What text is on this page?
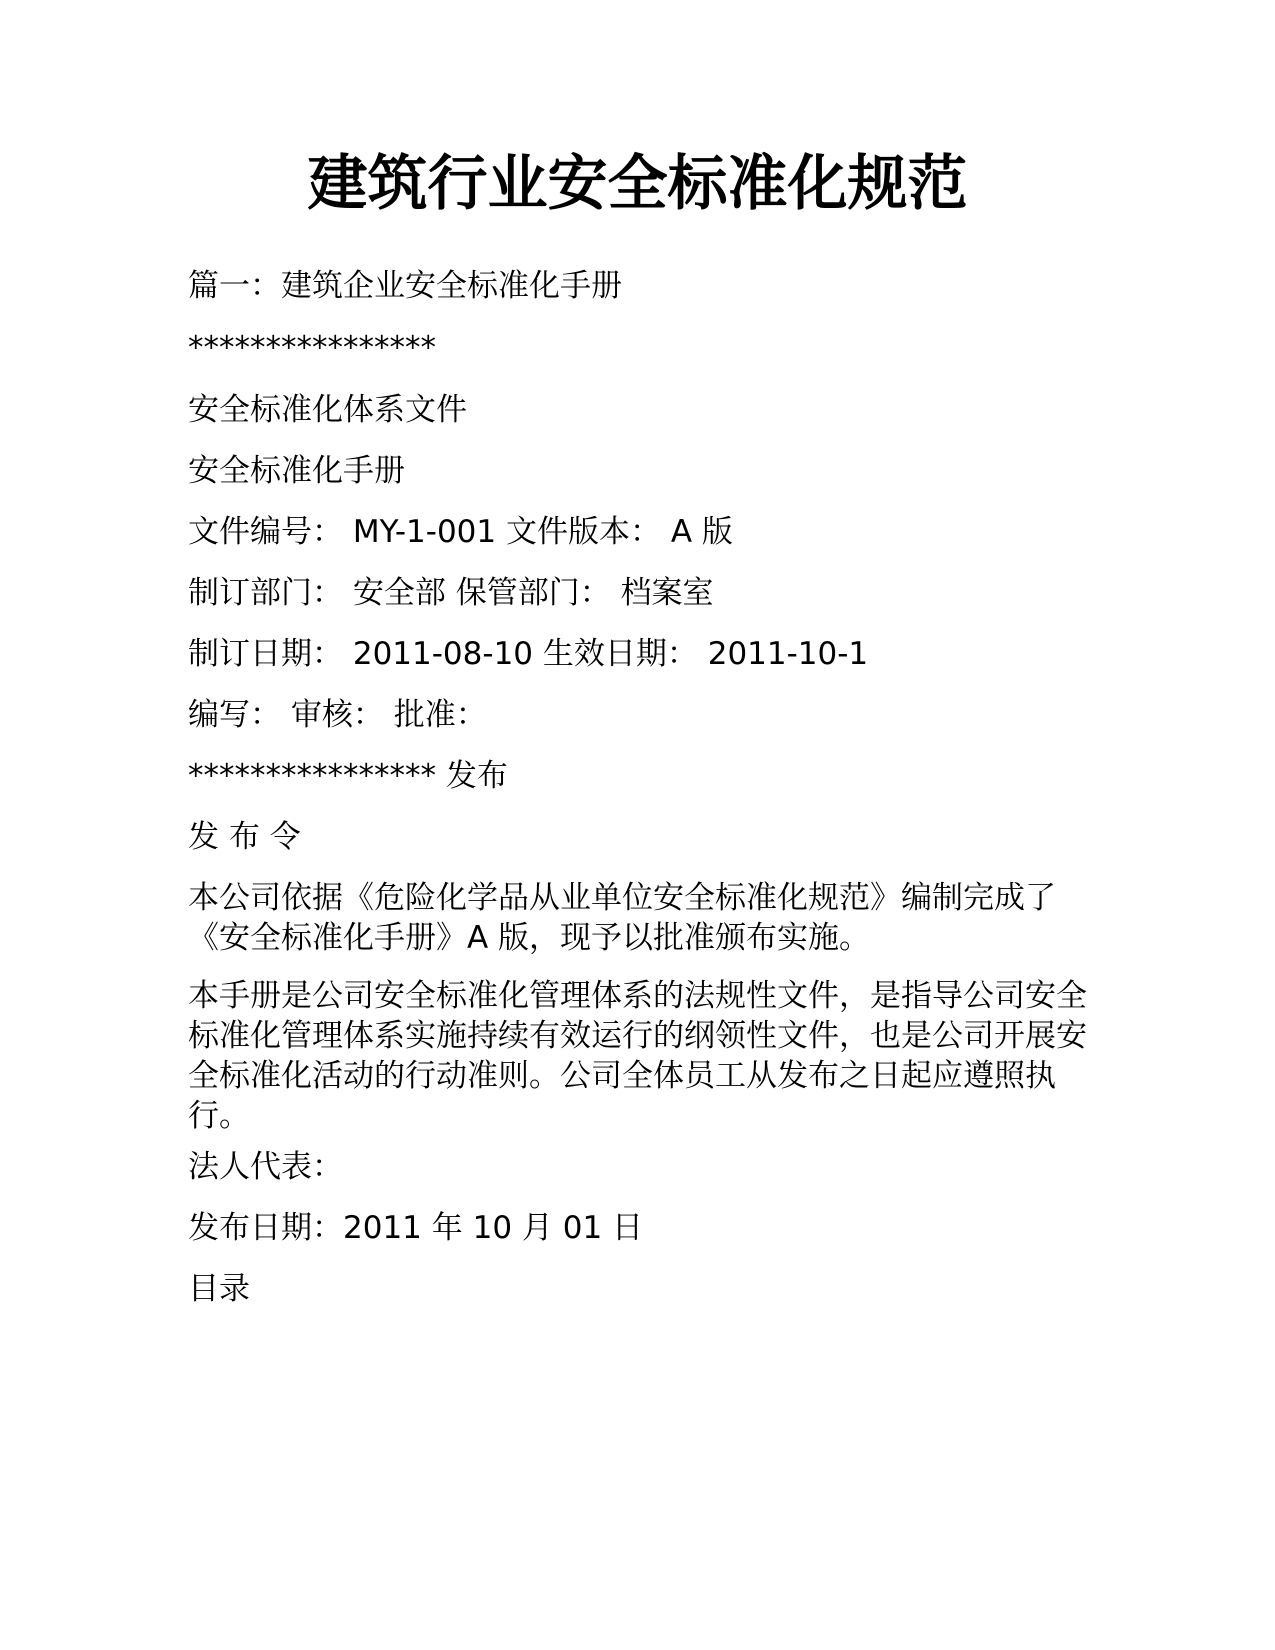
建筑行业安全标准化规范
篇一：建筑企业安全标准化手册
****************
安全标准化体系文件
安全标准化手册
文件编号： MY-1-001 文件版本： A 版
制订部门： 安全部 保管部门： 档案室
制订日期： 2011-08-10 生效日期： 2011-10-1
编写： 审核： 批准：
**************** 发布
发 布 令
本公司依据《危险化学品从业单位安全标准化规范》编制完成了《安全标准化手册》A 版，现予以批准颁布实施。
本手册是公司安全标准化管理体系的法规性文件，是指导公司安全标准化管理体系实施持续有效运行的纲领性文件，也是公司开展安全标准化活动的行动准则。公司全体员工从发布之日起应遵照执行。
法人代表：
发布日期：2011 年 10 月 01 日
目录
